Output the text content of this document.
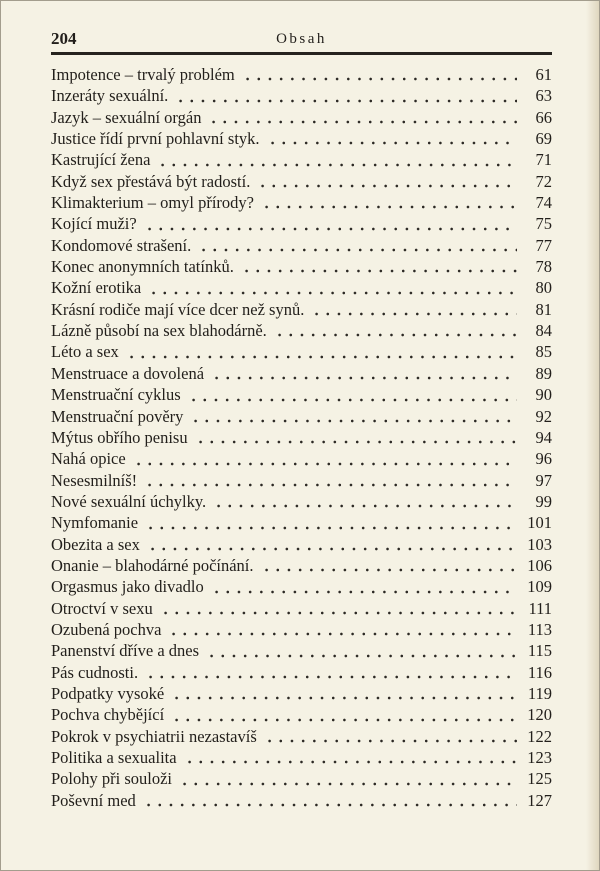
204	Obsah
Impotence – trvalý problém	61
Inzeráty sexuální.	63
Jazyk – sexuální orgán	66
Justice řídí první pohlavní styk.	69
Kastrující žena	71
Když sex přestává být radostí.	72
Klimakterium – omyl přírody?	74
Kojící muži?	75
Kondomové strašení.	77
Konec anonymních tatínků.	78
Kožní erotika	80
Krásní rodiče mají více dcer než synů.	81
Lázně působí na sex blahodárně.	84
Léto a sex	85
Menstruace a dovolená	89
Menstruační cyklus	90
Menstruační pověry	92
Mýtus obřího penisu	94
Nahá opice	96
Nesesmilníš!	97
Nové sexuální úchylky.	99
Nymfomanie	101
Obezita a sex	103
Onanie – blahodárné počínání.	106
Orgasmus jako divadlo	109
Otroctví v sexu	111
Ozubená pochva	113
Panenství dříve a dnes	115
Pás cudnosti.	116
Podpatky vysoké	119
Pochva chybějící	120
Pokrok v psychiatrii nezastavíš	122
Politika a sexualita	123
Polohy při souloži	125
Poševní med	127
